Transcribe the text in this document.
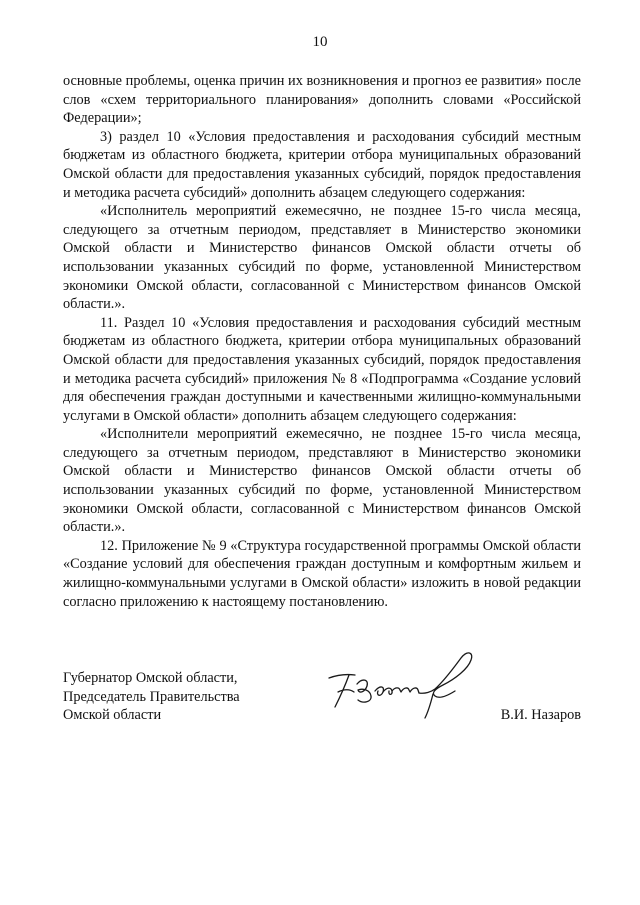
10

основные проблемы, оценка причин их возникновения и прогноз ее развития» после слов «схем территориального планирования» дополнить словами «Российской Федерации»;

3) раздел 10 «Условия предоставления и расходования субсидий местным бюджетам из областного бюджета, критерии отбора муниципальных образований Омской области для предоставления указанных субсидий, порядок предоставления и методика расчета субсидий» дополнить абзацем следующего содержания:

«Исполнитель мероприятий ежемесячно, не позднее 15-го числа месяца, следующего за отчетным периодом, представляет в Министерство экономики Омской области и Министерство финансов Омской области отчеты об использовании указанных субсидий по форме, установленной Министерством экономики Омской области, согласованной с Министерством финансов Омской области.».

11. Раздел 10 «Условия предоставления и расходования субсидий местным бюджетам из областного бюджета, критерии отбора муниципальных образований Омской области для предоставления указанных субсидий, порядок предоставления и методика расчета субсидий» приложения № 8 «Подпрограмма «Создание условий для обеспечения граждан доступными и качественными жилищно-коммунальными услугами в Омской области» дополнить абзацем следующего содержания:

«Исполнители мероприятий ежемесячно, не позднее 15-го числа месяца, следующего за отчетным периодом, представляют в Министерство экономики Омской области и Министерство финансов Омской области отчеты об использовании указанных субсидий по форме, установленной Министерством экономики Омской области, согласованной с Министерством финансов Омской области.».

12. Приложение № 9 «Структура государственной программы Омской области «Создание условий для обеспечения граждан доступным и комфортным жильем и жилищно-коммунальными услугами в Омской области» изложить в новой редакции согласно приложению к настоящему постановлению.

Губернатор Омской области,
Председатель Правительства
Омской области	В.И. Назаров
